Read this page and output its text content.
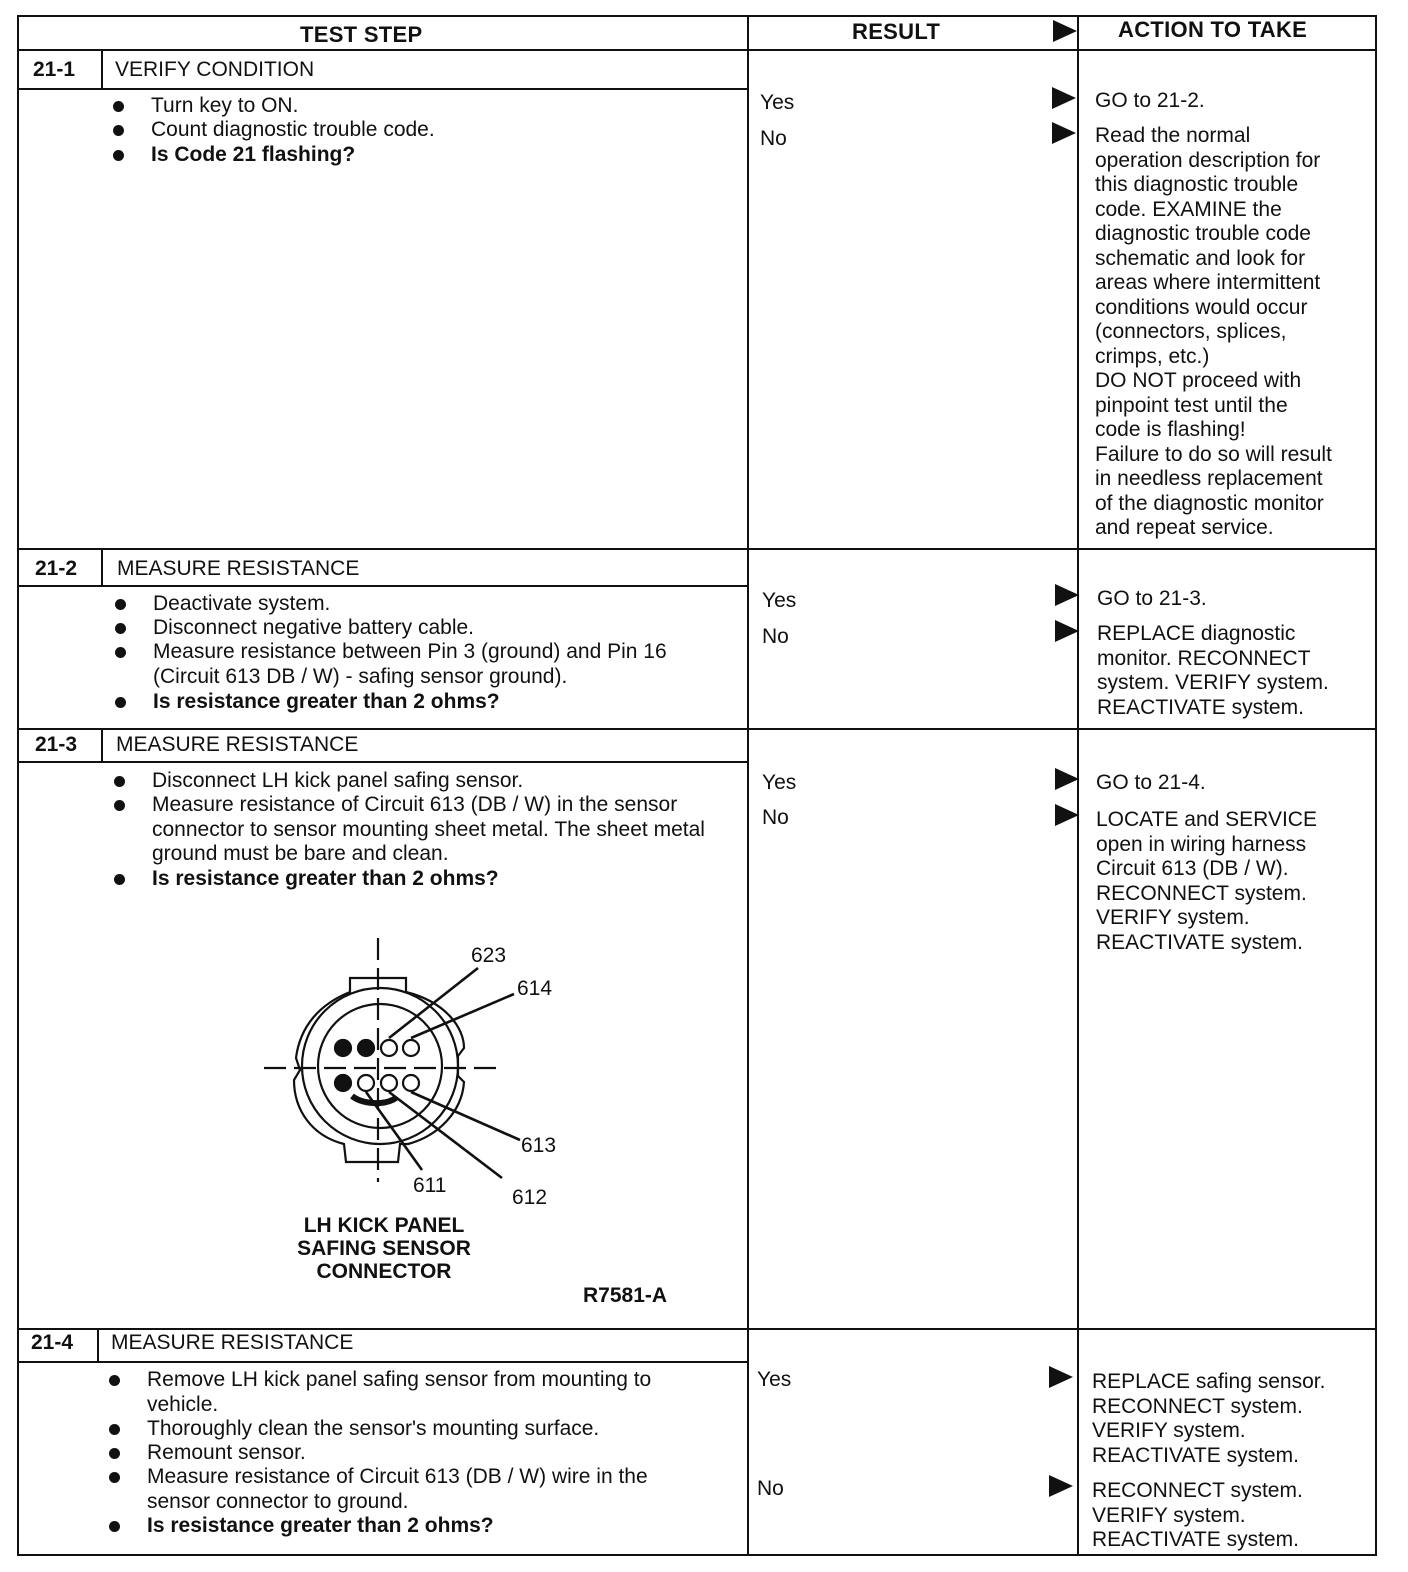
TEST STEP	RESULT	ACTION TO TAKE
21-1 VERIFY CONDITION
Turn key to ON.
Count diagnostic trouble code.
Is Code 21 flashing?
Yes
No
GO to 21-2.
Read the normal
operation description for
this diagnostic trouble
code. EXAMINE the
diagnostic trouble code
schematic and look for
areas where intermittent
conditions would occur
(connectors, splices,
crimps, etc.)
DO NOT proceed with
pinpoint test until the
code is flashing!
Failure to do so will result
in needless replacement
of the diagnostic monitor
and repeat service.
21-2 MEASURE RESISTANCE
Deactivate system.
Disconnect negative battery cable.
Measure resistance between Pin 3 (ground) and Pin 16 (Circuit 613 DB / W) - safing sensor ground).
Is resistance greater than 2 ohms?
Yes
No
GO to 21-3.
REPLACE diagnostic
monitor. RECONNECT
system. VERIFY system.
REACTIVATE system.
21-3 MEASURE RESISTANCE
Disconnect LH kick panel safing sensor.
Measure resistance of Circuit 613 (DB / W) in the sensor connector to sensor mounting sheet metal. The sheet metal ground must be bare and clean.
Is resistance greater than 2 ohms?
Yes
No
GO to 21-4.
LOCATE and SERVICE
open in wiring harness
Circuit 613 (DB / W).
RECONNECT system.
VERIFY system.
REACTIVATE system.
623
614
613
612
611
LH KICK PANEL
SAFING SENSOR
CONNECTOR
R7581-A
21-4 MEASURE RESISTANCE
Remove LH kick panel safing sensor from mounting to vehicle.
Thoroughly clean the sensor's mounting surface.
Remount sensor.
Measure resistance of Circuit 613 (DB / W) wire in the sensor connector to ground.
Is resistance greater than 2 ohms?
Yes
No
REPLACE safing sensor.
RECONNECT system.
VERIFY system.
REACTIVATE system.
RECONNECT system.
VERIFY system.
REACTIVATE system.
